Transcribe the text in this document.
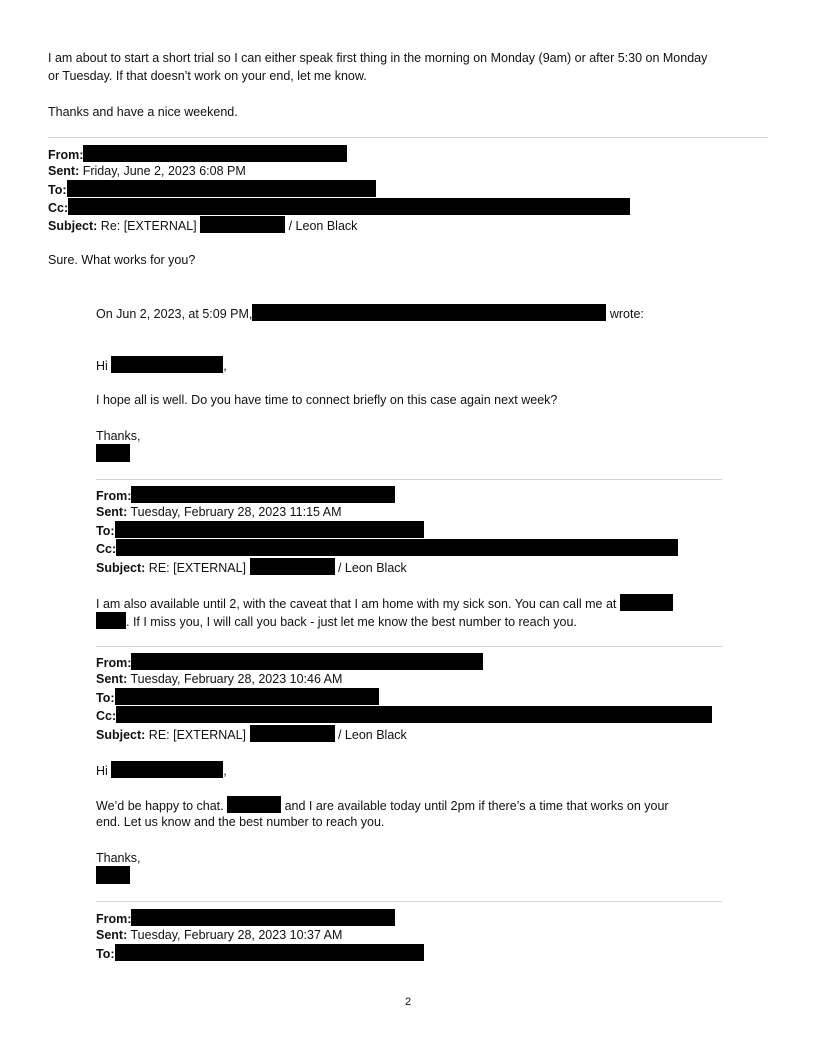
I am about to start a short trial so I can either speak first thing in the morning on Monday (9am) or after 5:30 on Monday
or Tuesday. If that doesn’t work on your end, let me know.
Thanks and have a nice weekend.
From:
Sent: Friday, June 2, 2023 6:08 PM
To:
Cc:
Subject: Re: [EXTERNAL]	/ Leon Black
Sure. What works for you?
On Jun 2, 2023, at 5:09 PM,	wrote:
Hi	,
I hope all is well. Do you have time to connect briefly on this case again next week?
Thanks,
From:
Sent: Tuesday, February 28, 2023 11:15 AM
To:
Cc:
Subject: RE: [EXTERNAL]	/ Leon Black
I am also available until 2, with the caveat that I am home with my sick son. You can call me at
. If I miss you, I will call you back - just let me know the best number to reach you.
From:
Sent: Tuesday, February 28, 2023 10:46 AM
To:
Cc:
Subject: RE: [EXTERNAL]	/ Leon Black
Hi	,
We’d be happy to chat.	and I are available today until 2pm if there’s a time that works on your
end. Let us know and the best number to reach you.
Thanks,
From:
Sent: Tuesday, February 28, 2023 10:37 AM
To:
2
